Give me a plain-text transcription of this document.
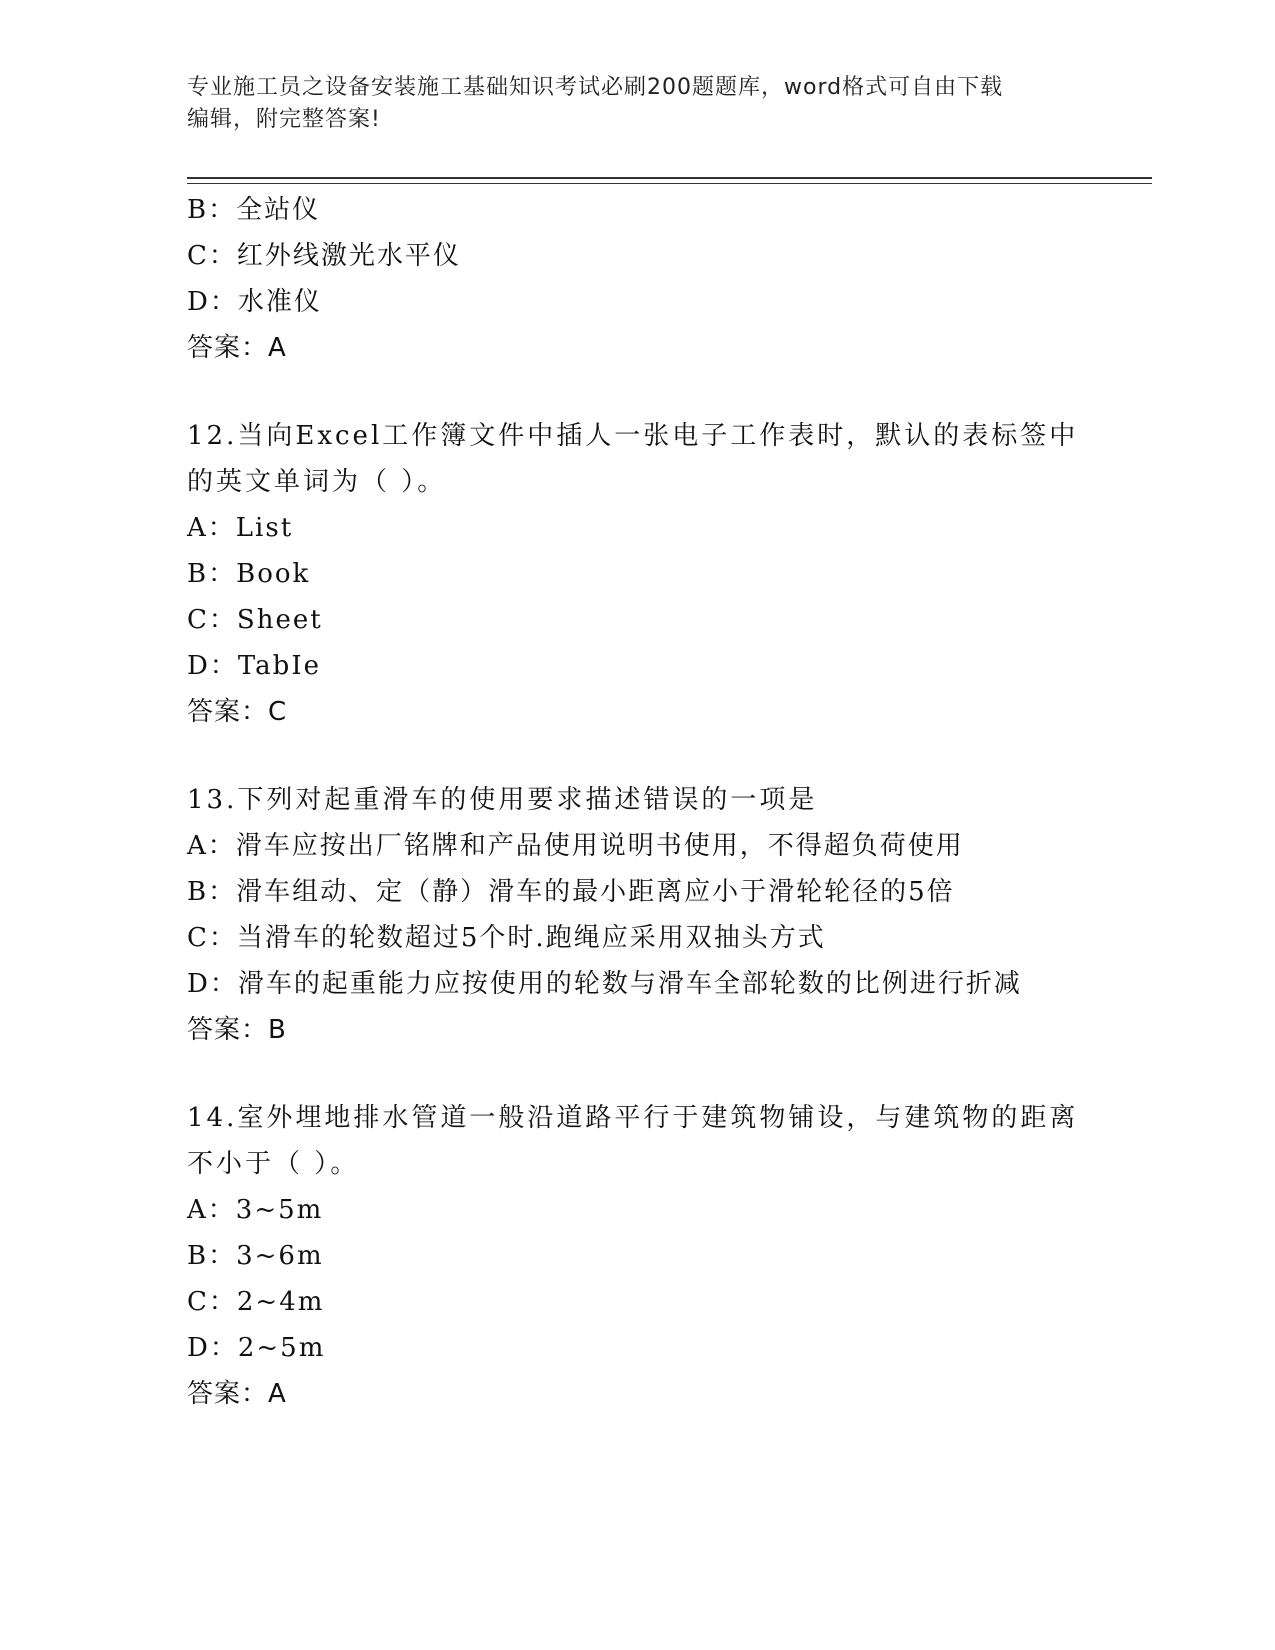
专业施工员之设备安装施工基础知识考试必刷200题题库，word格式可自由下载
编辑，附完整答案!
B：全站仪
C：红外线激光水平仪
D：水准仪
答案：A
12.当向Excel工作簿文件中插人一张电子工作表时，默认的表标签中
的英文单词为（ ）。
A：List
B：Book
C：Sheet
D：TabIe
答案：C
13.下列对起重滑车的使用要求描述错误的一项是
A：滑车应按出厂铭牌和产品使用说明书使用，不得超负荷使用
B：滑车组动、定（静）滑车的最小距离应小于滑轮轮径的5倍
C：当滑车的轮数超过5个时.跑绳应采用双抽头方式
D：滑车的起重能力应按使用的轮数与滑车全部轮数的比例进行折减
答案：B
14.室外埋地排水管道一般沿道路平行于建筑物铺设，与建筑物的距离
不小于（ ）。
A：3~5m
B：3~6m
C：2~4m
D：2~5m
答案：A
